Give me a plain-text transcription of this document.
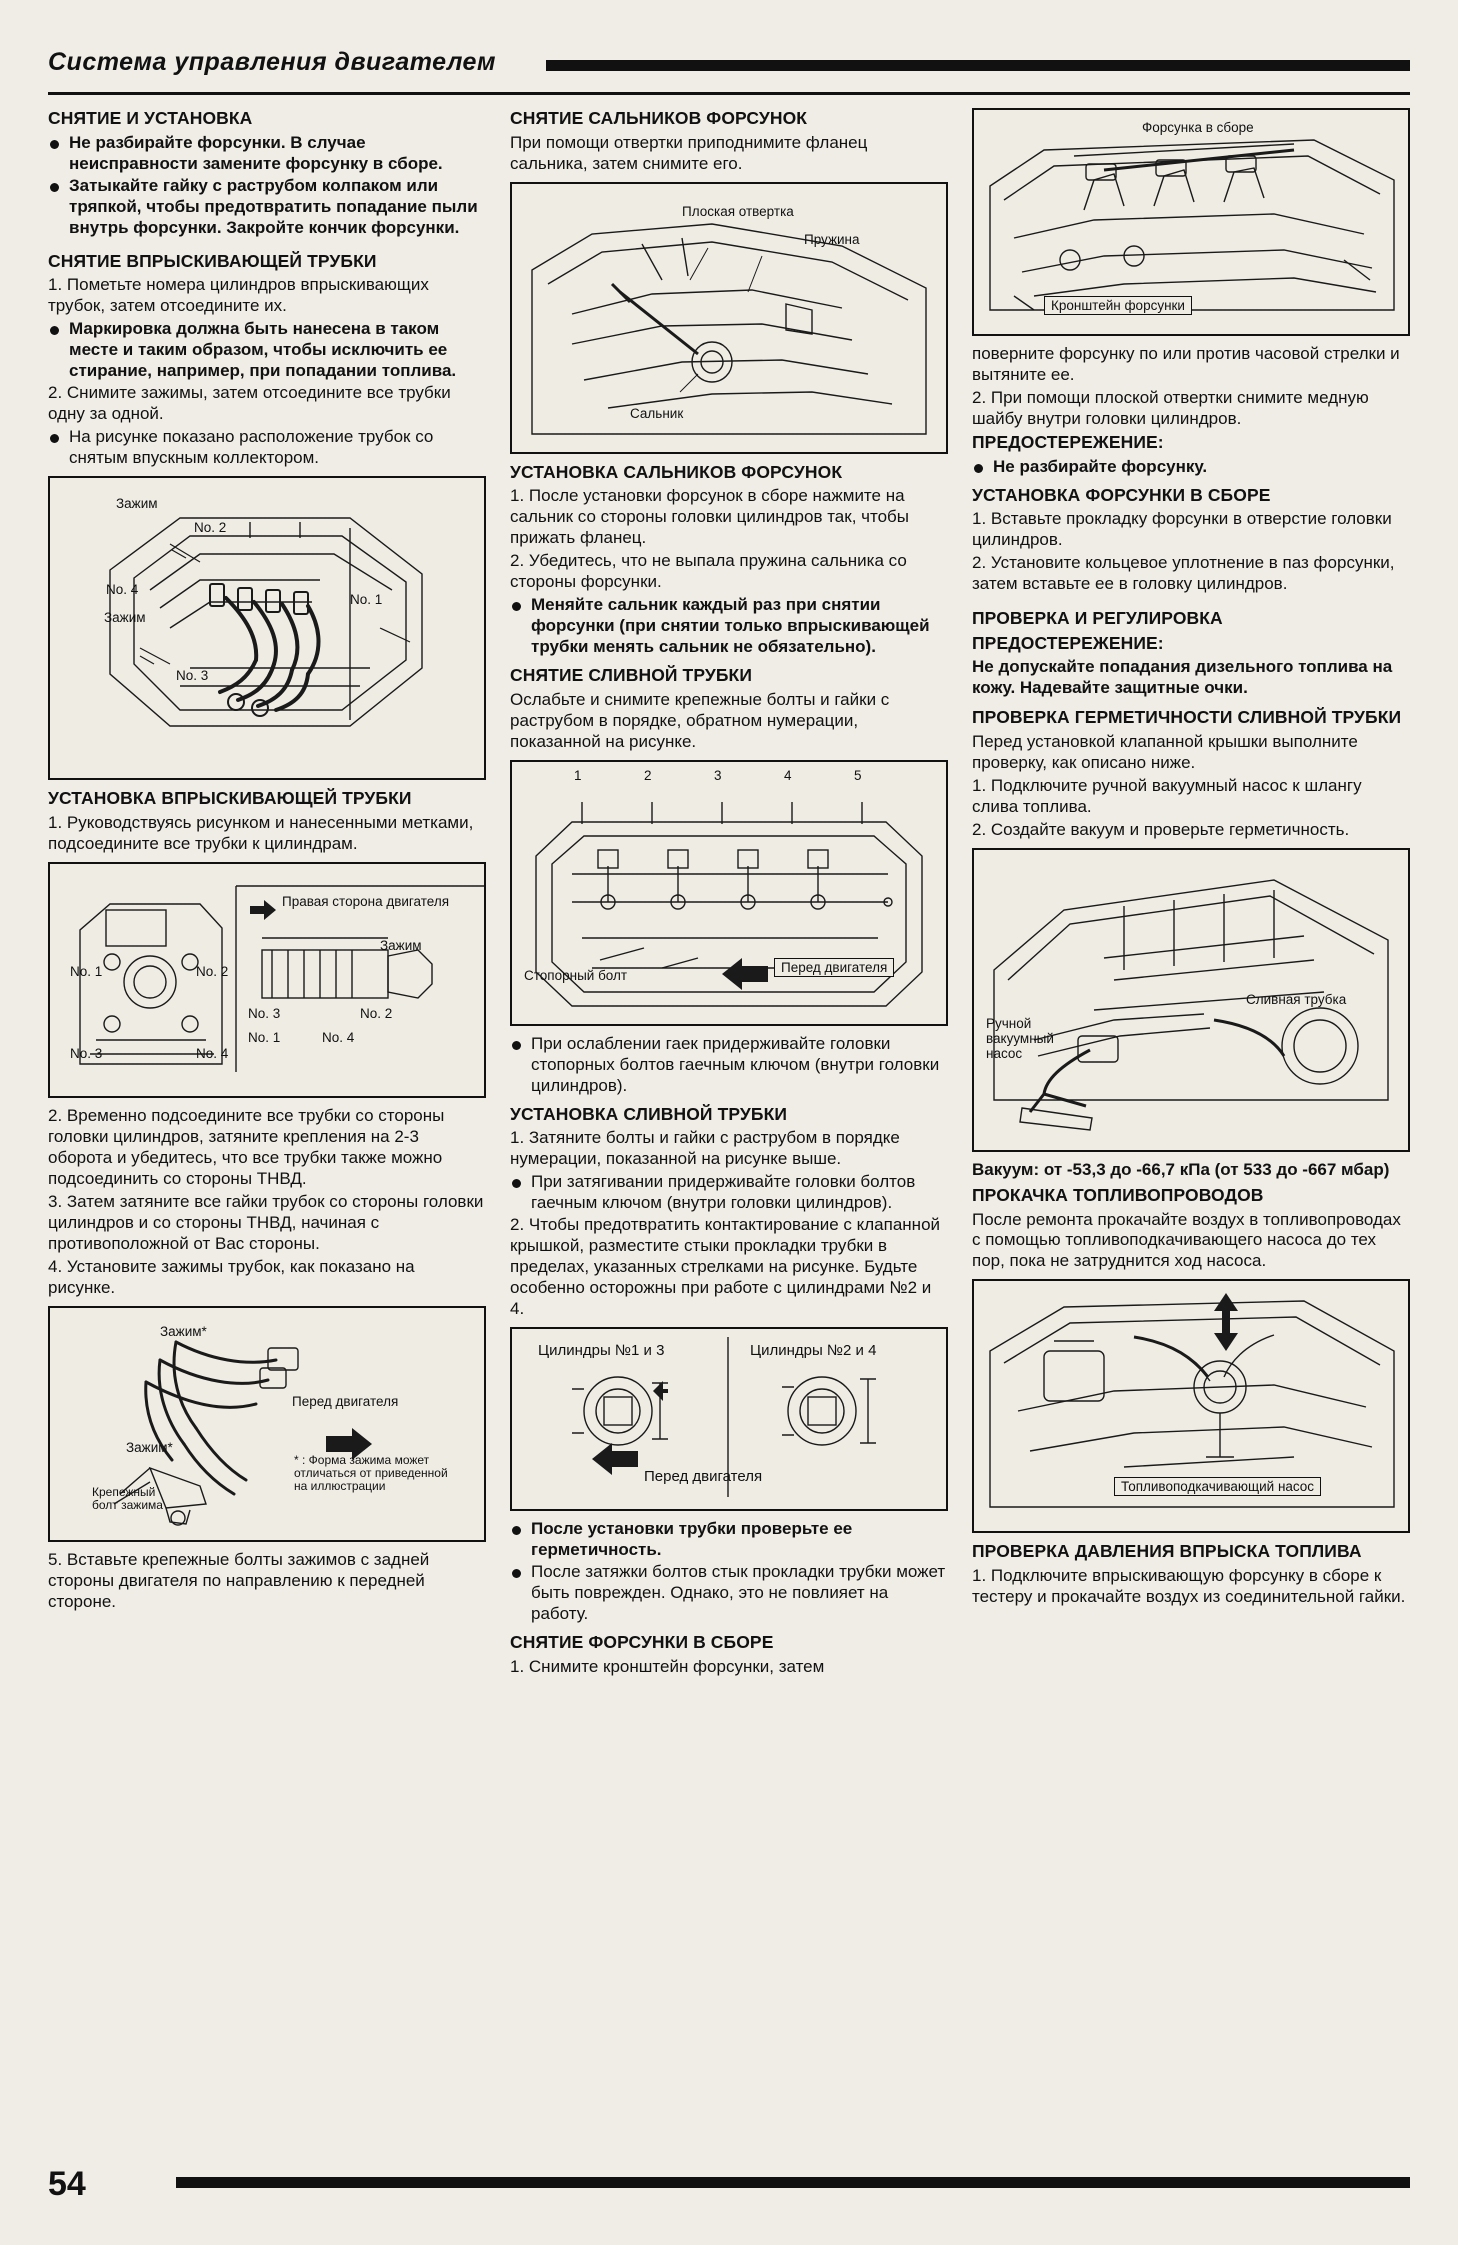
Система управления двигателем
СНЯТИЕ И УСТАНОВКА
Не разбирайте форсунки. В случае неисправности замените форсунку в сборе.
Затыкайте гайку с раструбом колпаком или тряпкой, чтобы предотвратить попадание пыли внутрь форсунки. Закройте кончик форсунки.
СНЯТИЕ ВПРЫСКИВАЮЩЕЙ ТРУБКИ

1. Пометьте номера цилиндров впрыскивающих трубок, затем отсоедините их.

Маркировка должна быть нанесена в таком месте и таким образом, чтобы исключить ее стирание, например, при попадании топлива.

2. Снимите зажимы, затем отсоедините все трубки одну за одной.

На рисунке показано расположение трубок со снятым впускным коллектором.
Зажим
No. 2
No. 4
No. 1
Зажим
No. 3
УСТАНОВКА ВПРЫСКИВАЮЩЕЙ ТРУБКИ

1. Руководствуясь рисунком и нанесенными метками, подсоедините все трубки к цилиндрам.

Правая сторона двигателя
Зажим
No. 1	No. 2
No. 3	No. 4
No. 3	No. 2
No. 1	No. 4

2. Временно подсоедините все трубки со стороны головки цилиндров, затяните крепления на 2-3 оборота и убедитесь, что все трубки также можно подсоединить со стороны ТНВД.

3. Затем затяните все гайки трубок со стороны головки цилиндров и со стороны ТНВД, начиная с противоположной от Вас стороны.

4. Установите зажимы трубок, как показано на рисунке.

Зажим*
Зажим*
Перед двигателя
Крепежный болт зажима
* : Форма зажима может отличаться от приведенной на иллюстрации

5. Вставьте крепежные болты зажимов с задней стороны двигателя по направлению к передней стороне.

СНЯТИЕ САЛЬНИКОВ ФОРСУНОК

При помощи отвертки приподнимите фланец сальника, затем снимите его.

Плоская отвертка
Пружина
Сальник
УСТАНОВКА САЛЬНИКОВ ФОРСУНОК

1. После установки форсунок в сборе нажмите на сальник со стороны головки цилиндров так, чтобы прижать фланец.

2. Убедитесь, что не выпала пружина сальника со стороны форсунки.

Меняйте сальник каждый раз при снятии форсунки (при снятии только впрыскивающей трубки менять сальник не обязательно).
СНЯТИЕ СЛИВНОЙ ТРУБКИ

Ослабьте и снимите крепежные болты и гайки с раструбом в порядке, обратном нумерации, показанной на рисунке.

1	2	3	4	5
Стопорный болт
Перед двигателя
При ослаблении гаек придерживайте головки стопорных болтов гаечным ключом (внутри головки цилиндров).
УСТАНОВКА СЛИВНОЙ ТРУБКИ

1. Затяните болты и гайки с раструбом в порядке нумерации, показанной на рисунке выше.

При затягивании придерживайте головки болтов гаечным ключом (внутри головки цилиндров).

2. Чтобы предотвратить контактирование с клапанной крышкой, разместите стыки прокладки трубки в пределах, указанных стрелками на рисунке. Будьте особенно осторожны при работе с цилиндрами №2 и 4.

Цилиндры №1 и 3	Цилиндры №2 и 4
Перед двигателя
После установки трубки проверьте ее герметичность.
После затяжки болтов стык прокладки трубки может быть поврежден. Однако, это не повлияет на работу.
СНЯТИЕ ФОРСУНКИ В СБОРЕ

1. Снимите кронштейн форсунки, затем

Форсунка в сборе
Кронштейн форсунки

поверните форсунку по или против часовой стрелки и вытяните ее.

2. При помощи плоской отвертки снимите медную шайбу внутри головки цилиндров.

ПРЕДОСТЕРЕЖЕНИЕ:
Не разбирайте форсунку.
УСТАНОВКА ФОРСУНКИ В СБОРЕ

1. Вставьте прокладку форсунки в отверстие головки цилиндров.

2. Установите кольцевое уплотнение в паз форсунки, затем вставьте ее в головку цилиндров.

ПРОВЕРКА И РЕГУЛИРОВКА
ПРЕДОСТЕРЕЖЕНИЕ:

Не допускайте попадания дизельного топлива на кожу. Надевайте защитные очки.

ПРОВЕРКА ГЕРМЕТИЧНОСТИ СЛИВНОЙ ТРУБКИ

Перед установкой клапанной крышки выполните проверку, как описано ниже.

1. Подключите ручной вакуумный насос к шлангу слива топлива.

2. Создайте вакуум и проверьте герметичность.

Ручной вакуумный насос
Сливная трубка

Вакуум: от -53,3 до -66,7 кПа (от 533 до -667 мбар)

ПРОКАЧКА ТОПЛИВОПРОВОДОВ

После ремонта прокачайте воздух в топливопроводах с помощью топливоподкачивающего насоса до тех пор, пока не затруднится ход насоса.

Топливоподкачивающий насос
ПРОВЕРКА ДАВЛЕНИЯ ВПРЫСКА ТОПЛИВА

1. Подключите впрыскивающую форсунку в сборе к тестеру и прокачайте воздух из соединительной гайки.

54
